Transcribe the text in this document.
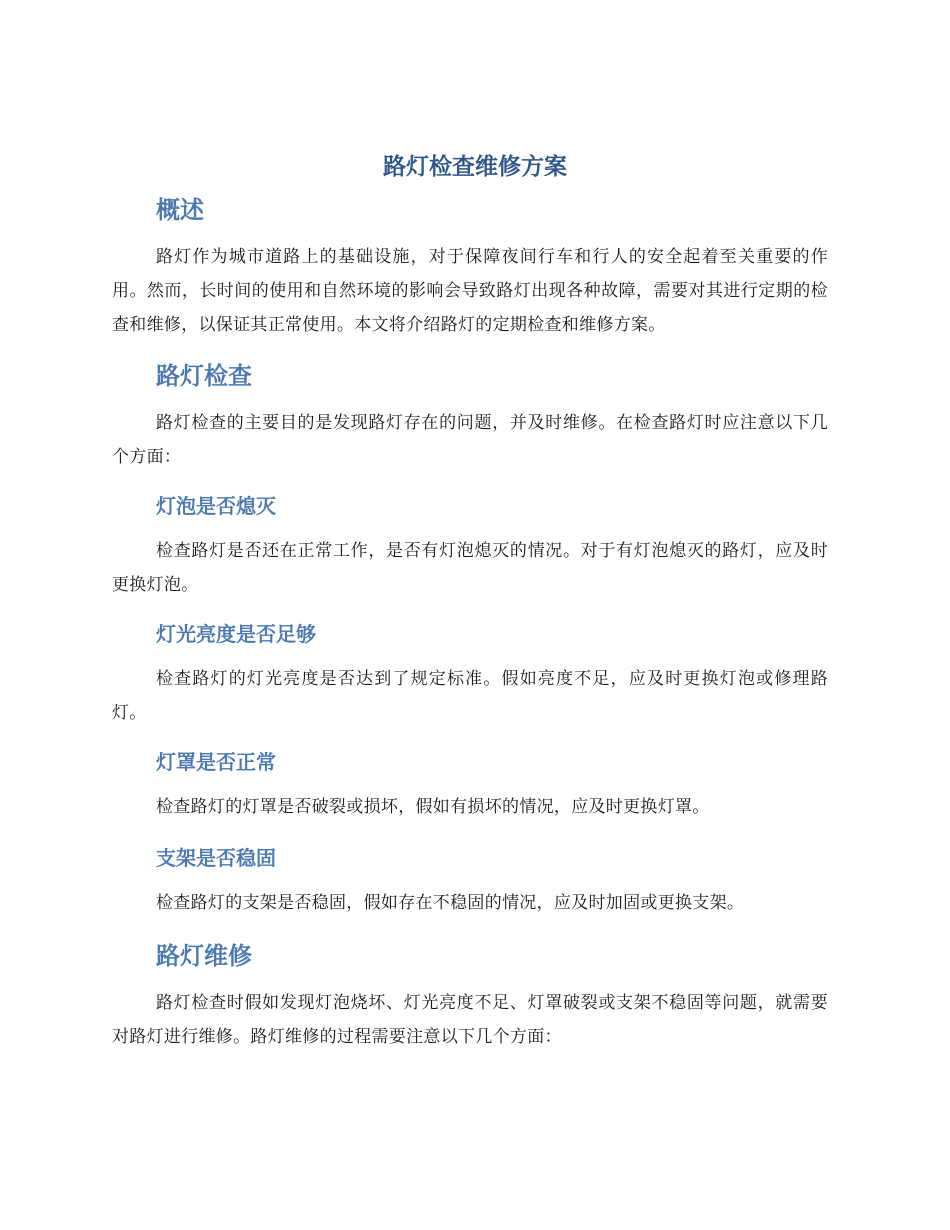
路灯检查维修方案
概述

路灯作为城市道路上的基础设施，对于保障夜间行车和行人的安全起着至关重要的作用。然而，长时间的使用和自然环境的影响会导致路灯出现各种故障，需要对其进行定期的检查和维修，以保证其正常使用。本文将介绍路灯的定期检查和维修方案。

路灯检查

路灯检查的主要目的是发现路灯存在的问题，并及时维修。在检查路灯时应注意以下几个方面：

灯泡是否熄灭

检查路灯是否还在正常工作，是否有灯泡熄灭的情况。对于有灯泡熄灭的路灯，应及时更换灯泡。

灯光亮度是否足够

检查路灯的灯光亮度是否达到了规定标准。假如亮度不足，应及时更换灯泡或修理路灯。

灯罩是否正常

检查路灯的灯罩是否破裂或损坏，假如有损坏的情况，应及时更换灯罩。

支架是否稳固

检查路灯的支架是否稳固，假如存在不稳固的情况，应及时加固或更换支架。

路灯维修

路灯检查时假如发现灯泡烧坏、灯光亮度不足、灯罩破裂或支架不稳固等问题，就需要对路灯进行维修。路灯维修的过程需要注意以下几个方面：
